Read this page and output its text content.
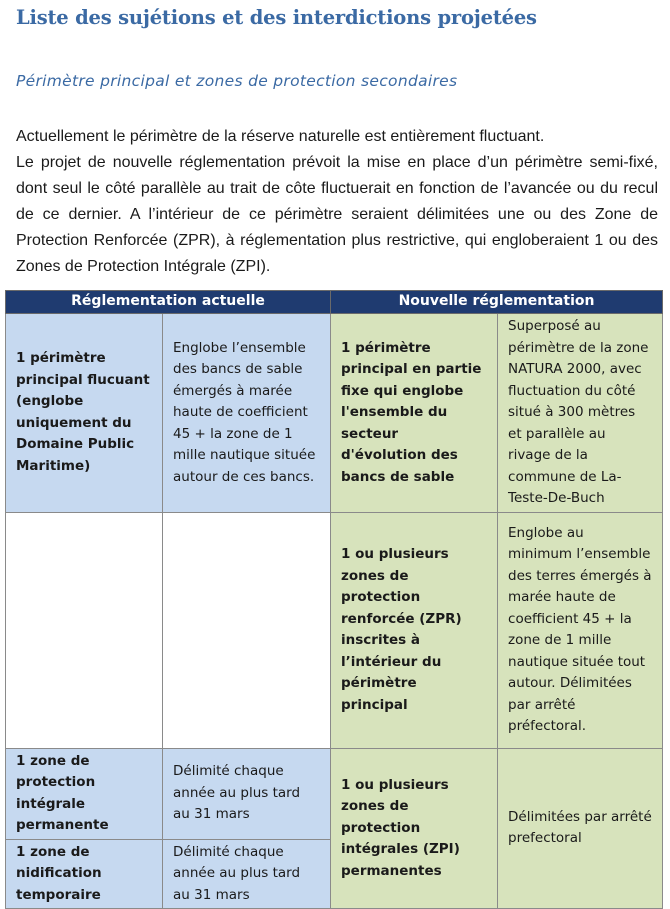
Liste des sujétions et des interdictions projetées
Périmètre principal et zones de protection secondaires

Actuellement le périmètre de la réserve naturelle est entièrement fluctuant.

Le projet de nouvelle réglementation prévoit la mise en place d’un périmètre semi-fixé, dont seul le côté parallèle au trait de côte fluctuerait en fonction de l’avancée ou du recul de ce dernier. A l’intérieur de ce périmètre seraient délimitées une ou des Zone de Protection Renforcée (ZPR), à réglementation plus restrictive, qui engloberaient 1 ou des Zones de Protection Intégrale (ZPI).

Réglementation actuelle		Nouvelle réglementation	
1 périmètre principal flucuant (englobe uniquement du Domaine Public Maritime)	Englobe l’ensemble des bancs de sable émergés à marée haute de coefficient 45 + la zone de 1 mille nautique située autour de ces bancs.	1 périmètre principal en partie fixe qui englobe l'ensemble du secteur d'évolution des bancs de sable	Superposé au périmètre de la zone NATURA 2000, avec fluctuation du côté situé à 300 mètres et parallèle au rivage de la commune de La-Teste-De-Buch
		1 ou plusieurs zones de protection renforcée (ZPR) inscrites à l’intérieur du périmètre principal	Englobe au minimum l’ensemble des terres émergés à marée haute de coefficient 45 + la zone de 1 mille nautique située tout autour. Délimitées par arrêté préfectoral.
1 zone de protection intégrale permanente	Délimité chaque année au plus tard au 31 mars	1 ou plusieurs zones de protection intégrales (ZPI) permanentes	Délimitées par arrêté prefectoral
1 zone de nidification temporaire	Délimité chaque année au plus tard au 31 mars		
